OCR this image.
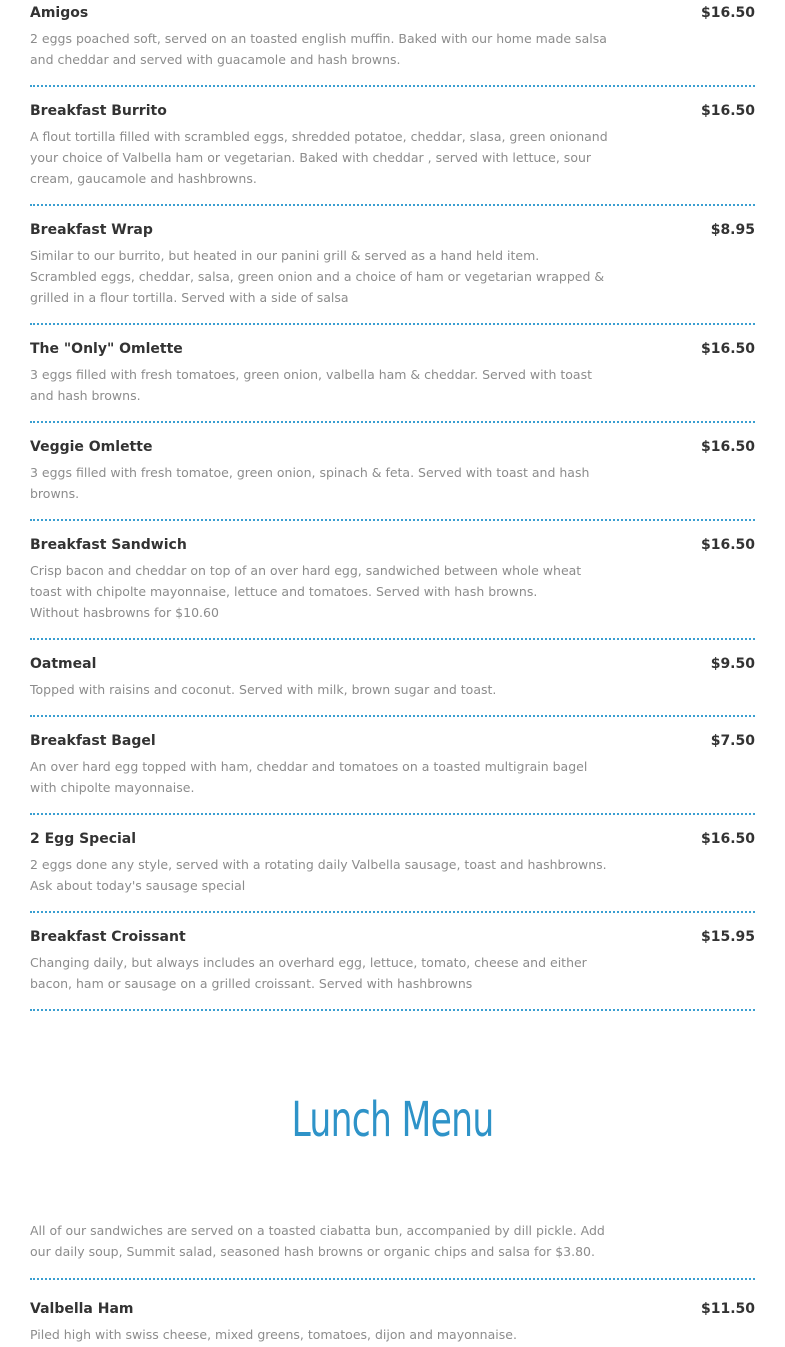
Amigos	$16.50
2 eggs poached soft, served on an toasted english muffin. Baked with our home made salsa and cheddar and served with guacamole and hash browns.
Breakfast Burrito	$16.50
A flout tortilla filled with scrambled eggs, shredded potatoe, cheddar, slasa, green onionand your choice of Valbella ham or vegetarian. Baked with cheddar , served with lettuce, sour cream, gaucamole and hashbrowns.
Breakfast Wrap	$8.95
Similar to our burrito, but heated in our panini grill & served as a hand held item. Scrambled eggs, cheddar, salsa, green onion and a choice of ham or vegetarian wrapped & grilled in a flour tortilla. Served with a side of salsa
The "Only" Omlette	$16.50
3 eggs filled with fresh tomatoes, green onion, valbella ham & cheddar. Served with toast and hash browns.
Veggie Omlette	$16.50
3 eggs filled with fresh tomatoe, green onion, spinach & feta. Served with toast and hash browns.
Breakfast Sandwich	$16.50
Crisp bacon and cheddar on top of an over hard egg, sandwiched between whole wheat toast with chipolte mayonnaise, lettuce and tomatoes. Served with hash browns.
Without hasbrowns for $10.60
Oatmeal	$9.50
Topped with raisins and coconut. Served with milk, brown sugar and toast.
Breakfast Bagel	$7.50
An over hard egg topped with ham, cheddar and tomatoes on a toasted multigrain bagel with chipolte mayonnaise.
2 Egg Special	$16.50
2 eggs done any style, served with a rotating daily Valbella sausage, toast and hashbrowns.
Ask about today's sausage special
Breakfast Croissant	$15.95
Changing daily, but always includes an overhard egg, lettuce, tomato, cheese and either bacon, ham or sausage on a grilled croissant. Served with hashbrowns
Lunch Menu
All of our sandwiches are served on a toasted ciabatta bun, accompanied by dill pickle. Add our daily soup, Summit salad, seasoned hash browns or organic chips and salsa for $3.80.
Valbella Ham	$11.50
Piled high with swiss cheese, mixed greens, tomatoes, dijon and mayonnaise.
